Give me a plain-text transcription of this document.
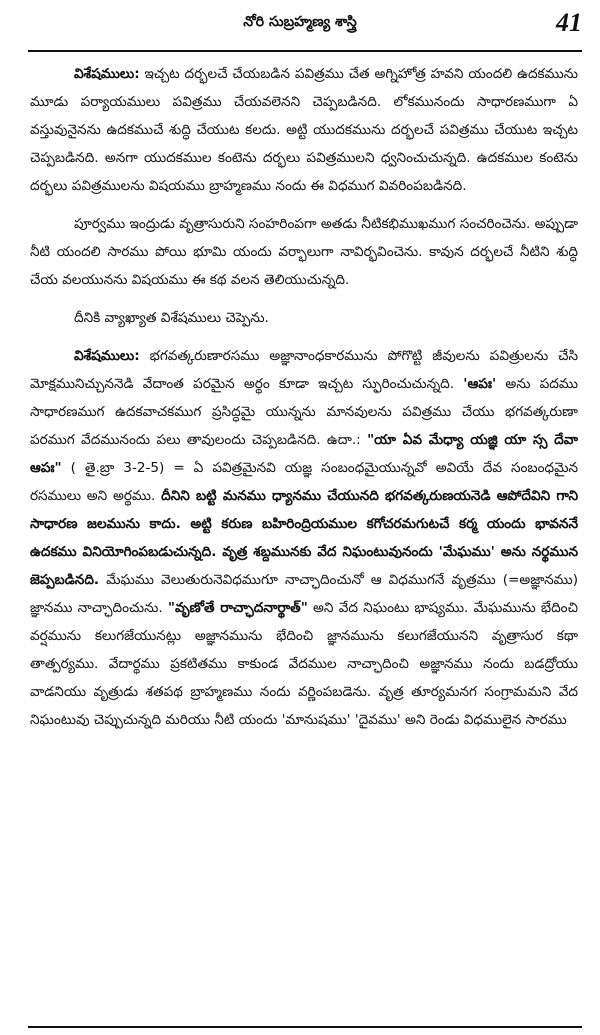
నోరి సుబ్రహ్మణ్య శాస్త్రి	41

విశేషములు: ఇచ్చట దర్భలచే చేయబడిన పవిత్రము చేత అగ్నిహోత్ర హవని యందలి ఉదకమును మూడు పర్యాయములు పవిత్రము చేయవలెనని చెప్పబడినది. లోకమునందు సాధారణముగా ఏ వస్తువునైనను ఉదకముచే శుద్ధి చేయుట కలదు. అట్టి యుదకమును దర్భలచే పవిత్రము చేయుట ఇచ్చట చెప్పబడినది. అనగా యుదకముల కంటెను దర్భలు పవిత్రములని ధ్వనించుచున్నది. ఉదకముల కంటెను దర్భలు పవిత్రములను విషయము బ్రాహ్మణము నందు ఈ విధముగ వివరింపబడినది.

పూర్వము ఇంద్రుడు వృత్రాసురుని సంహరింపగా అతడు నీటికభిముఖముగ సంచరించెను. అప్పుడా నీటి యందలి సారము పోయి భూమి యందు వర్భాలుగా నావిర్భవించెను. కావున దర్భలచే నీటిని శుద్ధి చేయ వలయునను విషయము ఈ కథ వలన తెలియుచున్నది.

దీనికి వ్యాఖ్యాత విశేషములు చెప్పెను.

విశేషములు: భగవత్కరుణారసము అజ్ఞానాంధకారమును పోగొట్టి జీవులను పవిత్రులను చేసి మోక్షమునిచ్చుననెడి వేదాంత పరమైన అర్థం కూడా ఇచ్చట స్ఫురించుచున్నది. 'ఆపః' అను పదము సాధారణముగ ఉదకవాచకముగ ప్రసిద్ధమై యున్నను మానవులను పవిత్రము చేయు భగవత్కరుణా పరముగ వేదమునందు పలు తావులందు చెప్పబడినది. ఉదా.: "యా ఏవ మేధ్యా యజ్ఞి యా స్స దేవా ఆపః" ( తై.బ్రా 3-2-5) = ఏ పవిత్రమైనవి యజ్ఞ సంబంధమైయున్నవో అవియే దేవ సంబంధమైన రసములు అని అర్థము. దీనిని బట్టి మనము ధ్యానము చేయునది భగవత్కరుణయనెడి ఆపోదేవిని గాని సాధారణ జలమును కాదు. అట్టి కరుణ బహిరింద్రియముల కగోచరమగుటచే కర్మ యందు భావననే ఉదకము వినియోగింపబడుచున్నది. వృత్ర శబ్దమునకు వేద నిఘంటువునందు 'మేఘము' అను నర్థమున జెప్పబడినది. మేఘము వెలుతురునెవిధముగూ నాచ్ఛాదించునో ఆ విధముగనే వృత్రము (=అజ్ఞానము) జ్ఞానము నాచ్ఛాదించును. "వృణోతే రాచ్ఛాదనార్థాత్" అని వేద నిఘంటు భాష్యము. మేఘమును భేదించి వర్షమును కలుగజేయునట్లు అజ్ఞానమును భేదించి జ్ఞానమును కలుగజేయునని వృత్రాసుర కథా తాత్పర్యము. వేదార్థము ప్రకటితము కాకుండ వేదముల నాచ్ఛాదించి అజ్ఞానము నందు బడద్రోయు వాడనియు వృత్రుడు శతపథ బ్రాహ్మణము నందు వర్ణింపబడెను. వృత్ర తూర్యమనగ సంగ్రామమని వేద నిఘంటువు చెప్పుచున్నది మరియు నీటి యందు 'మానుషము' 'దైవము' అని రెండు విధములైన సారము
